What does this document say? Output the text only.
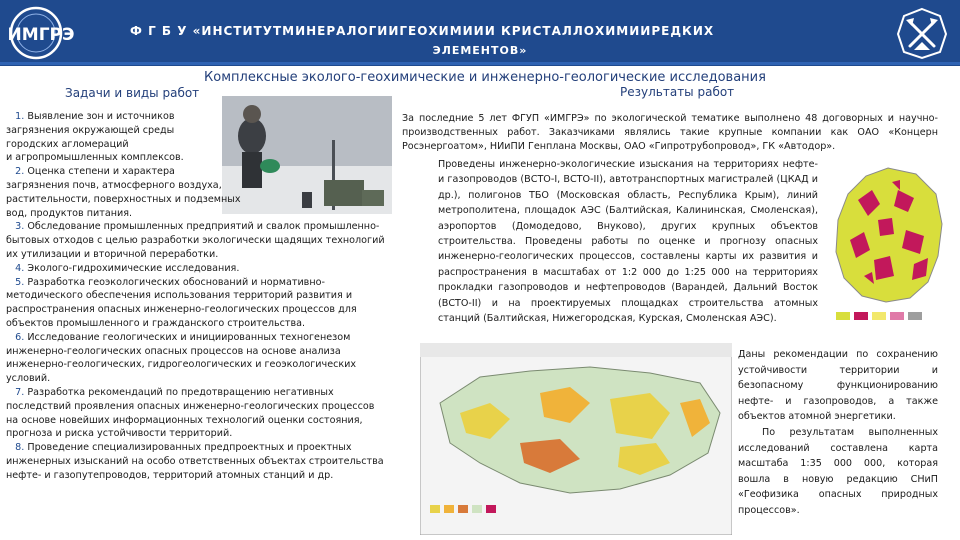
ИМГРЭ	Ф Г Б У «ИНСТИТУТМИНЕРАЛОГИИГЕОХИМИИИ КРИСТАЛЛОХИМИИРЕДКИХ
ЭЛЕМЕНТОВ»
Комплексные эколого-геохимические и инженерно-геологические исследования
Задачи и виды работ	Результаты работ

1. Выявление зон и источников

загрязнения окружающей среды

городских агломераций

и агропромышленных комплексов.

2. Оценка степени и характера

загрязнения почв, атмосферного воздуха,

растительности, поверхностных и подземных

вод, продуктов питания.

3. Обследование промышленных предприятий и свалок промышленно-

бытовых отходов с целью разработки экологически щадящих технологий

их утилизации и вторичной переработки.

4. Эколого-гидрохимические исследования.

5. Разработка геоэкологических обоснований и нормативно-

методического обеспечения использования территорий развития и

распространения опасных инженерно-геологических процессов для

объектов промышленного и гражданского строительства.

6. Исследование геологических и инициированных техногенезом

инженерно-геологических опасных процессов на основе анализа

инженерно-геологических, гидрогеологических и геоэкологических

условий.

7. Разработка рекомендаций по предотвращению негативных

последствий проявления опасных инженерно-геологических процессов

на основе новейших информационных технологий оценки состояния,

прогноза и риска устойчивости территорий.

8. Проведение специализированных предпроектных и проектных

инженерных изысканий на особо ответственных объектах строительства

нефте- и газопутепроводов, территорий атомных станций и др.

За последние 5 лет ФГУП «ИМГРЭ» по экологической тематике выполнено 48 договорных и научно-производственных работ. Заказчиками являлись такие крупные компании как ОАО «Концерн Росэнергоатом», НИиПИ Генплана Москвы, ОАО «Гипротрубопровод», ГК «Автодор».
Проведены инженерно-экологические изыскания на территориях нефте- и газопроводов (ВСТО-I, ВСТО-II), автотранспортных магистралей (ЦКАД и др.), полигонов ТБО (Московская область, Республика Крым), линий метрополитена, площадок АЭС (Балтийская, Калининская, Смоленская), аэропортов (Домодедово, Внуково), других крупных объектов строительства. Проведены работы по оценке и прогнозу опасных инженерно-геологических процессов, составлены карты их развития и распространения в масштабах от 1:2 000 до 1:25 000 на территориях прокладки газопроводов и нефтепроводов (Варандей, Дальний Восток (ВСТО-II) и на проектируемых площадках строительства атомных станций (Балтийская, Нижегородская, Курская, Смоленская АЭС).

Даны рекомендации по сохранению устойчивости территории и безопасному функционированию нефте- и газопроводов, а также объектов атомной энергетики.

По результатам выполненных исследований составлена карта масштаба 1:35 000 000, которая вошла в новую редакцию СНиП «Геофизика опасных природных процессов».
